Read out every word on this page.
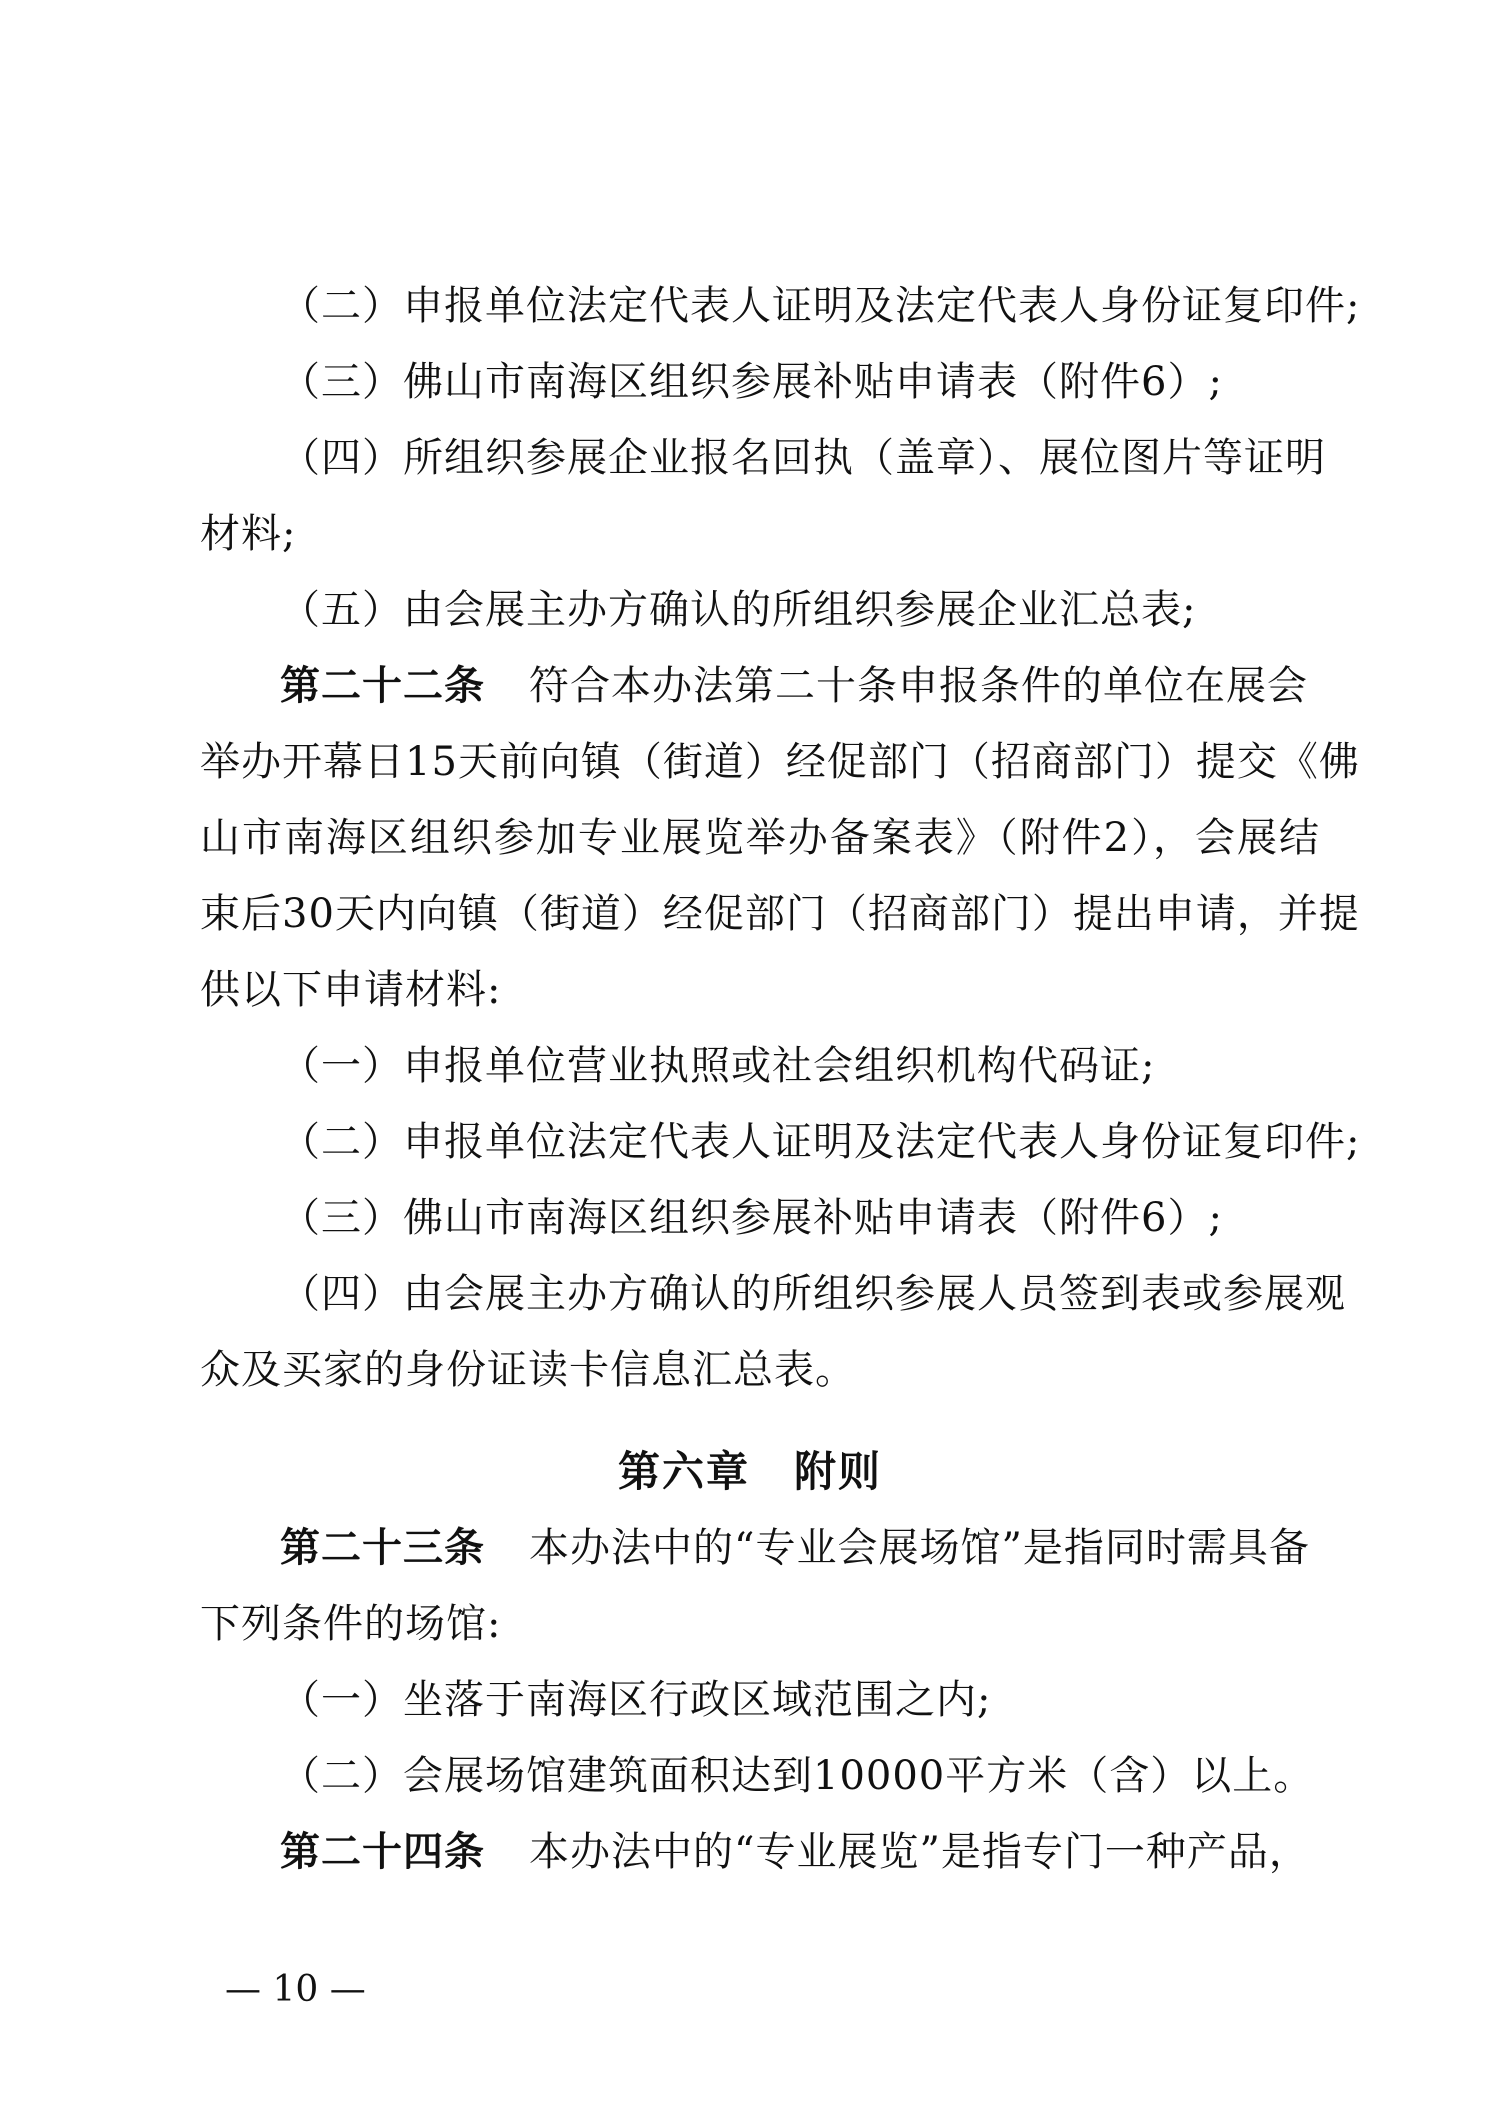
（二）申报单位法定代表人证明及法定代表人身份证复印件;
（三）佛山市南海区组织参展补贴申请表（附件6）;
（四）所组织参展企业报名回执（盖章）、展位图片等证明
材料;
（五）由会展主办方确认的所组织参展企业汇总表;
第二十二条 符合本办法第二十条申报条件的单位在展会
举办开幕日15天前向镇（街道）经促部门（招商部门）提交《佛
山市南海区组织参加专业展览举办备案表》（附件2），会展结
束后30天内向镇（街道）经促部门（招商部门）提出申请，并提
供以下申请材料:
（一）申报单位营业执照或社会组织机构代码证;
（二）申报单位法定代表人证明及法定代表人身份证复印件;
（三）佛山市南海区组织参展补贴申请表（附件6）;
（四）由会展主办方确认的所组织参展人员签到表或参展观
众及买家的身份证读卡信息汇总表。
第六章　附则
第二十三条 本办法中的“专业会展场馆”是指同时需具备
下列条件的场馆:
（一）坐落于南海区行政区域范围之内;
（二）会展场馆建筑面积达到10000平方米（含）以上。
第二十四条 本办法中的“专业展览”是指专门一种产品，
— 10 —
